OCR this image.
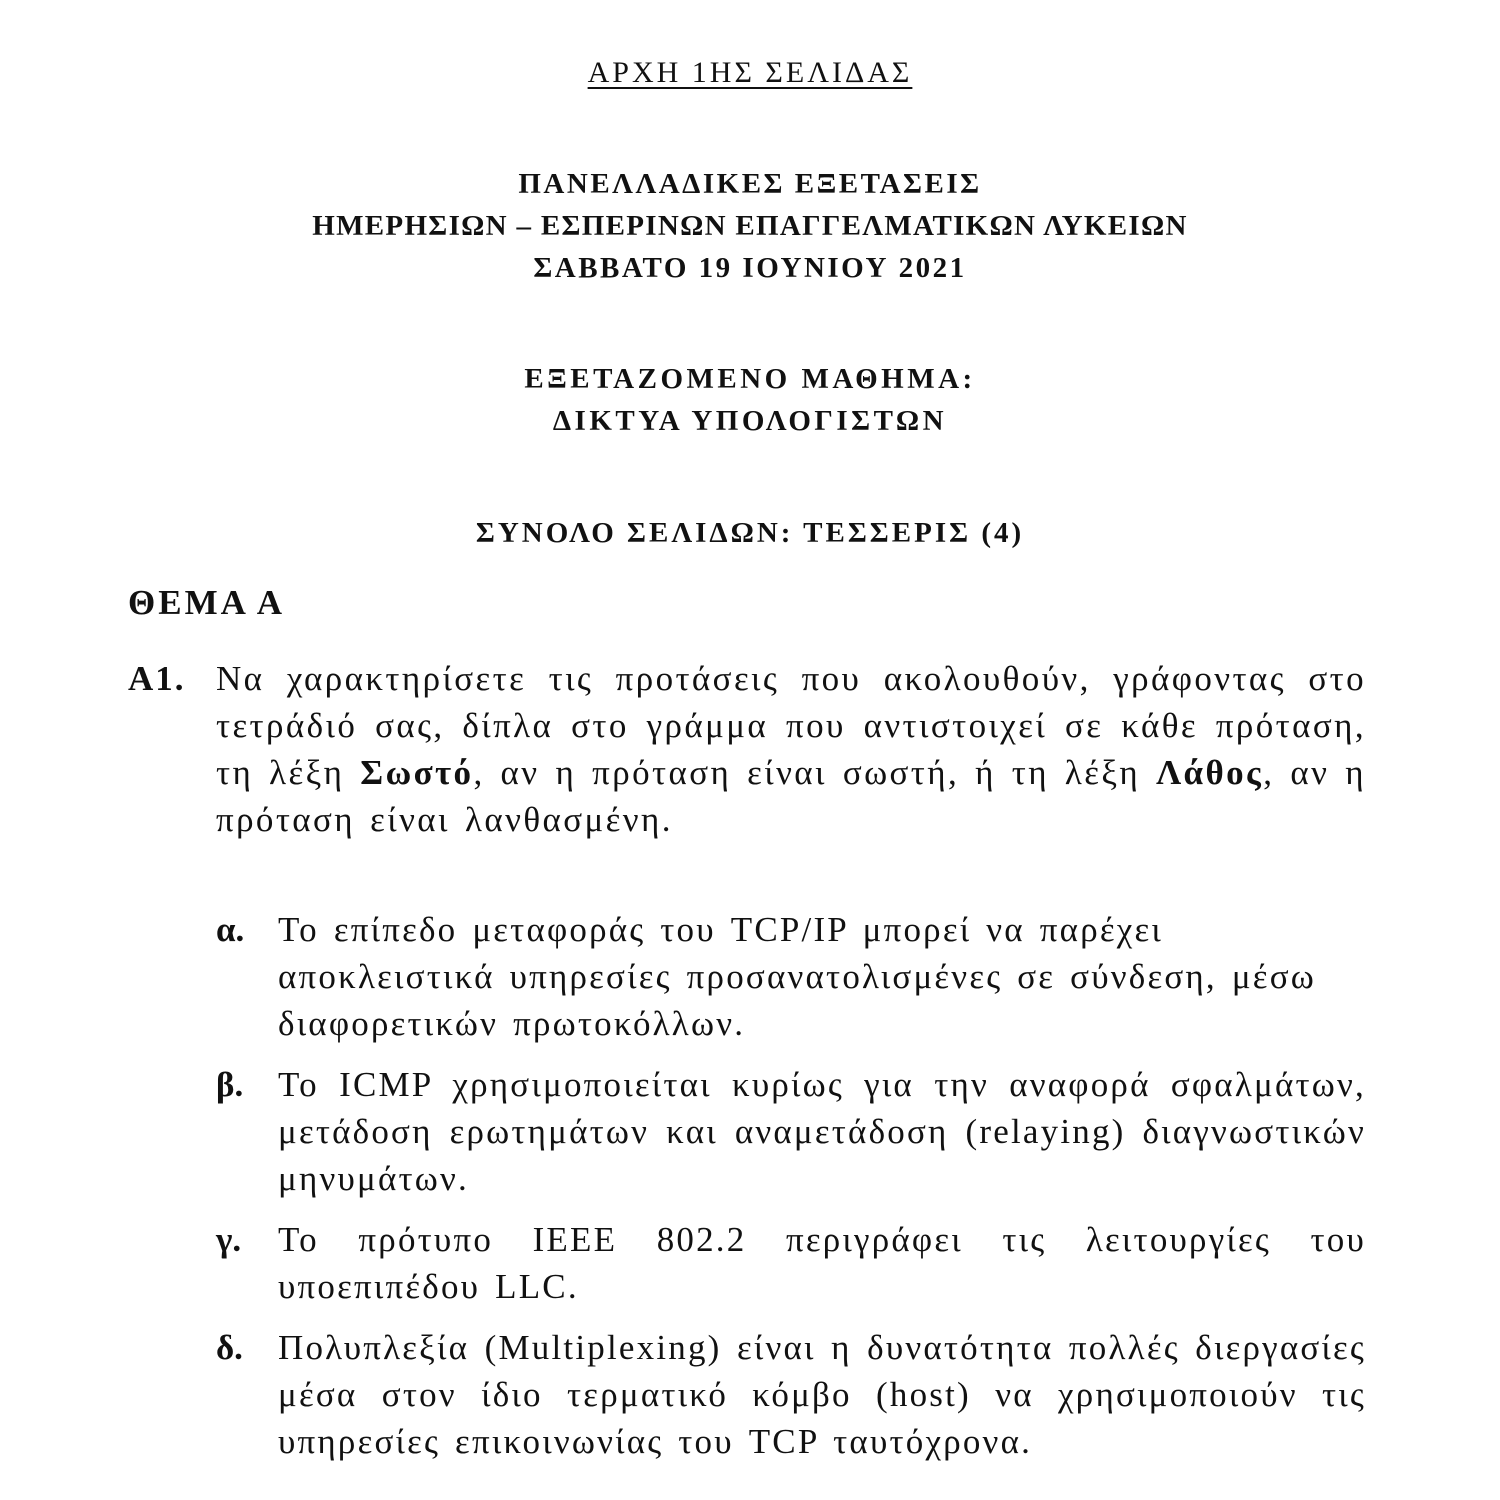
ΑΡΧΗ 1ΗΣ ΣΕΛΙΔΑΣ
ΠΑΝΕΛΛΑΔΙΚΕΣ ΕΞΕΤΑΣΕΙΣ
ΗΜΕΡΗΣΙΩΝ – ΕΣΠΕΡΙΝΩΝ ΕΠΑΓΓΕΛΜΑΤΙΚΩΝ ΛΥΚΕΙΩΝ
ΣΑΒΒΑΤΟ 19 ΙΟΥΝΙΟΥ 2021
ΕΞΕΤΑΖΟΜΕΝΟ ΜΑΘΗΜΑ:
ΔΙΚΤΥΑ ΥΠΟΛΟΓΙΣΤΩΝ
ΣΥΝΟΛΟ ΣΕΛΙΔΩΝ: ΤΕΣΣΕΡΙΣ (4)
ΘΕΜΑ Α
Α1. Να χαρακτηρίσετε τις προτάσεις που ακολουθούν, γράφοντας στο τετράδιό σας, δίπλα στο γράμμα που αντιστοιχεί σε κάθε πρόταση, τη λέξη Σωστό, αν η πρόταση είναι σωστή, ή τη λέξη Λάθος, αν η πρόταση είναι λανθασμένη.
α. Το επίπεδο μεταφοράς του TCP/IP μπορεί να παρέχει αποκλειστικά υπηρεσίες προσανατολισμένες σε σύνδεση, μέσω διαφορετικών πρωτοκόλλων.
β. Το ICMP χρησιμοποιείται κυρίως για την αναφορά σφαλμάτων, μετάδοση ερωτημάτων και αναμετάδοση (relaying) διαγνωστικών μηνυμάτων.
γ. Το πρότυπο IEEE 802.2 περιγράφει τις λειτουργίες του υποεπιπέδου LLC.
δ. Πολυπλεξία (Multiplexing) είναι η δυνατότητα πολλές διεργασίες μέσα στον ίδιο τερματικό κόμβο (host) να χρησιμοποιούν τις υπηρεσίες επικοινωνίας του TCP ταυτόχρονα.
